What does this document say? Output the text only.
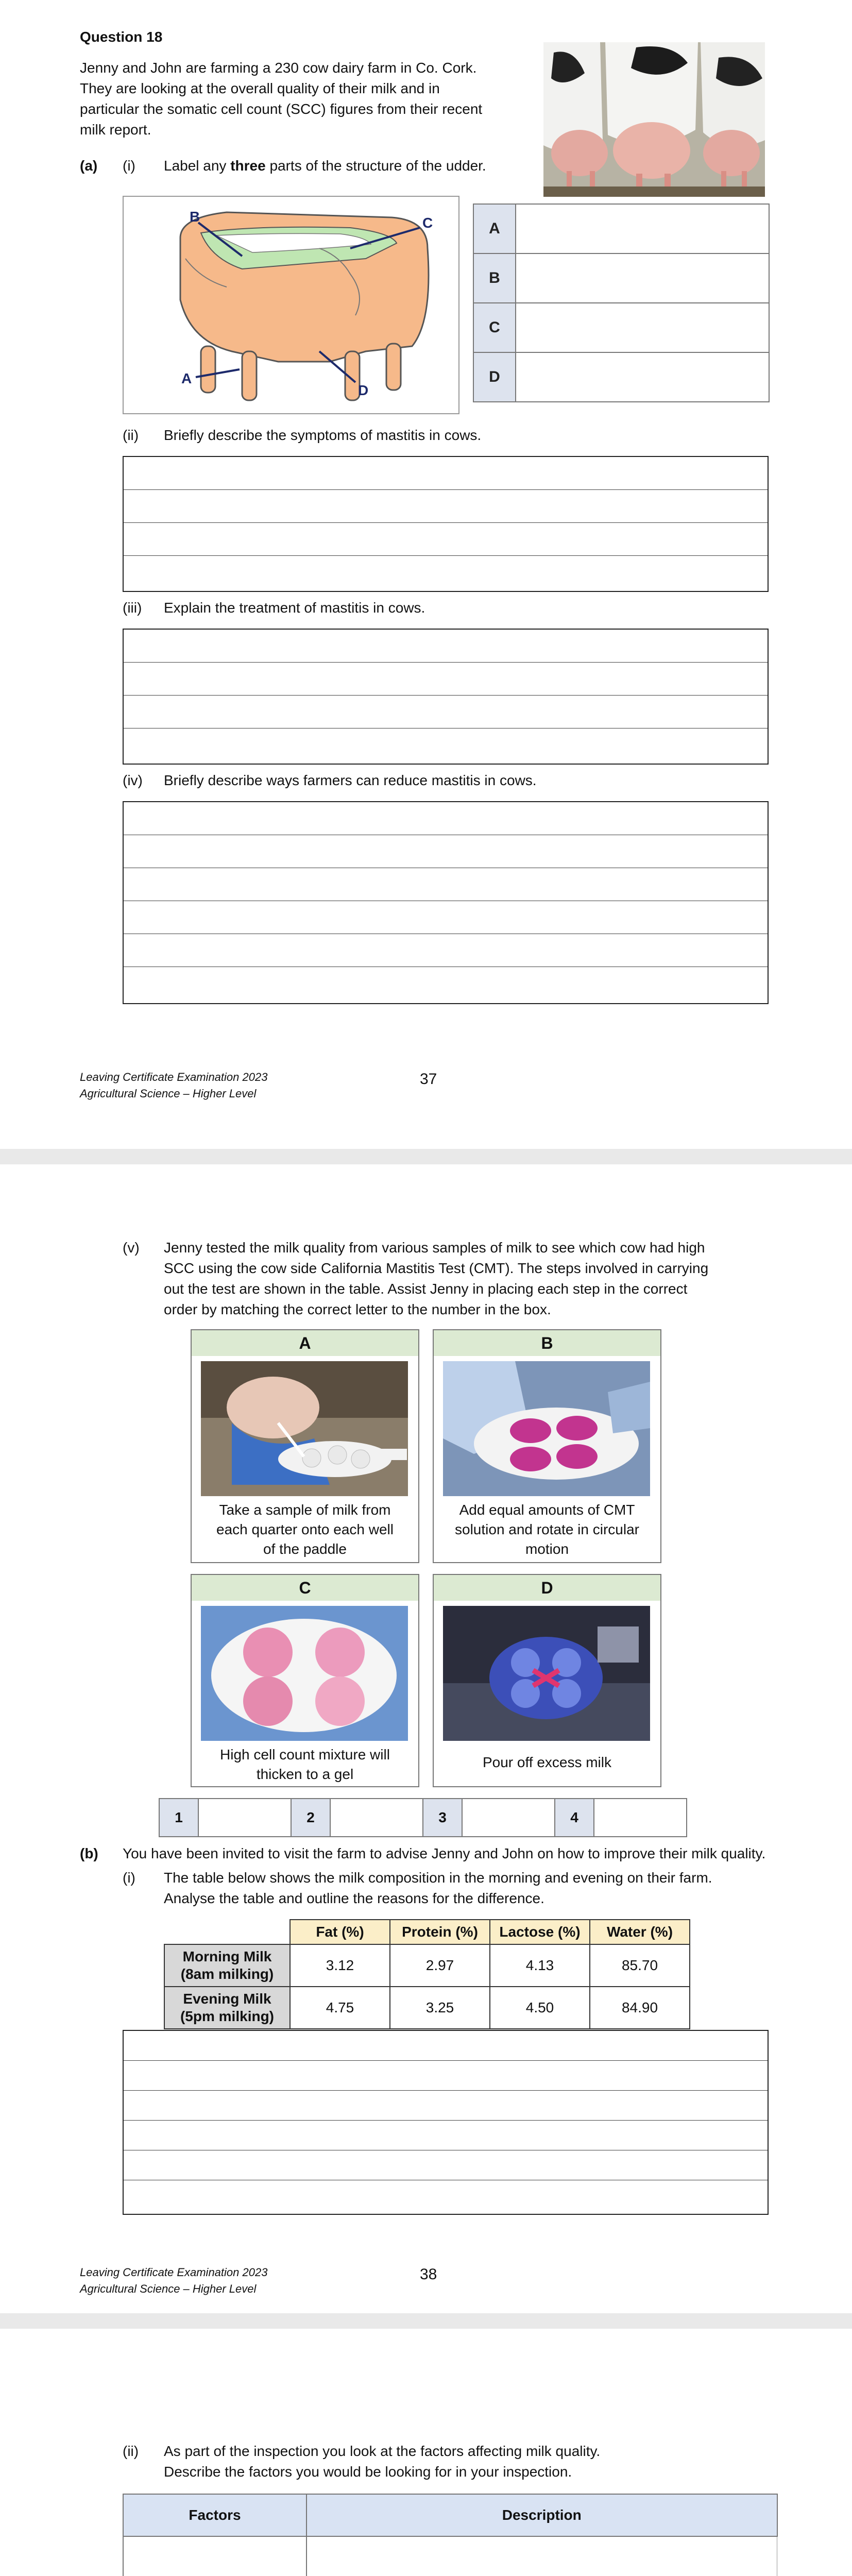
Question 18
Jenny and John are farming a 230 cow dairy farm in Co. Cork.
They are looking at the overall quality of their milk and in
particular the somatic cell count (SCC) figures from their recent
milk report.
(a) (i) Label any three parts of the structure of the udder.
B	C
A
D
A	
B	
C	
D	
(ii) Briefly describe the symptoms of mastitis in cows.
(iii) Explain the treatment of mastitis in cows.
(iv) Briefly describe ways farmers can reduce mastitis in cows.
Leaving Certificate Examination 2023
Agricultural Science – Higher Level
37
(v) Jenny tested the milk quality from various samples of milk to see which cow had high
SCC using the cow side California Mastitis Test (CMT). The steps involved in carrying
out the test are shown in the table. Assist Jenny in placing each step in the correct
order by matching the correct letter to the number in the box.
A
Take a sample of milk from
each quarter onto each well
of the paddle
B
Add equal amounts of CMT
solution and rotate in circular
motion
C
High cell count mixture will
thicken to a gel
D
Pour off excess milk
1		2		3		4	
(b) You have been invited to visit the farm to advise Jenny and John on how to improve their milk quality.
(i) The table below shows the milk composition in the morning and evening on their farm.
Analyse the table and outline the reasons for the difference.
	Fat (%)	Protein (%)	Lactose (%)	Water (%)

Morning Milk
(8am milking)	3.12	2.97	4.13	85.70

Evening Milk
(5pm milking)	4.75	3.25	4.50	84.90
Leaving Certificate Examination 2023
Agricultural Science – Higher Level
38
(ii) As part of the inspection you look at the factors affecting milk quality.
Describe the factors you would be looking for in your inspection.
Factors	Description
